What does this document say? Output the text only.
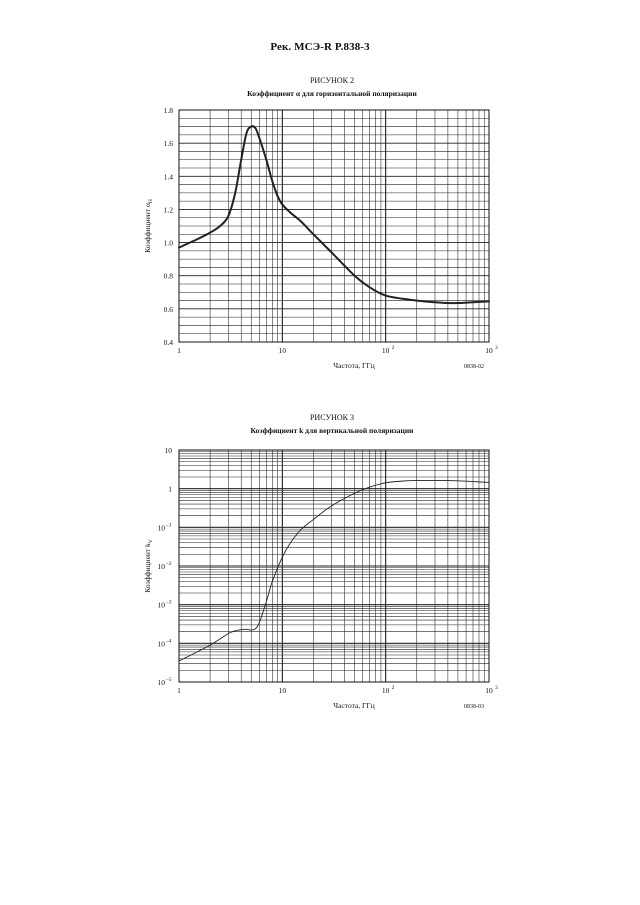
Рек. МСЭ-R P.838-3
РИСУНОК 2
Коэффициент α для горизонтальной поляризации
1	10	10 2	10 3
0.4
0.6
0.8
1.0
1.2
1.4
1.6
1.8
Коэффициент $\alpha_H$
Частота, ГГц	0838-02
РИСУНОК 3
Коэффициент k для вертикальной поляризации
1	10	10 2	10 3
10
1
10 –1
10 –2
10 –3
10 –4
10 –5
Коэффициент $k_V$
Частота, ГГц	0838-03
